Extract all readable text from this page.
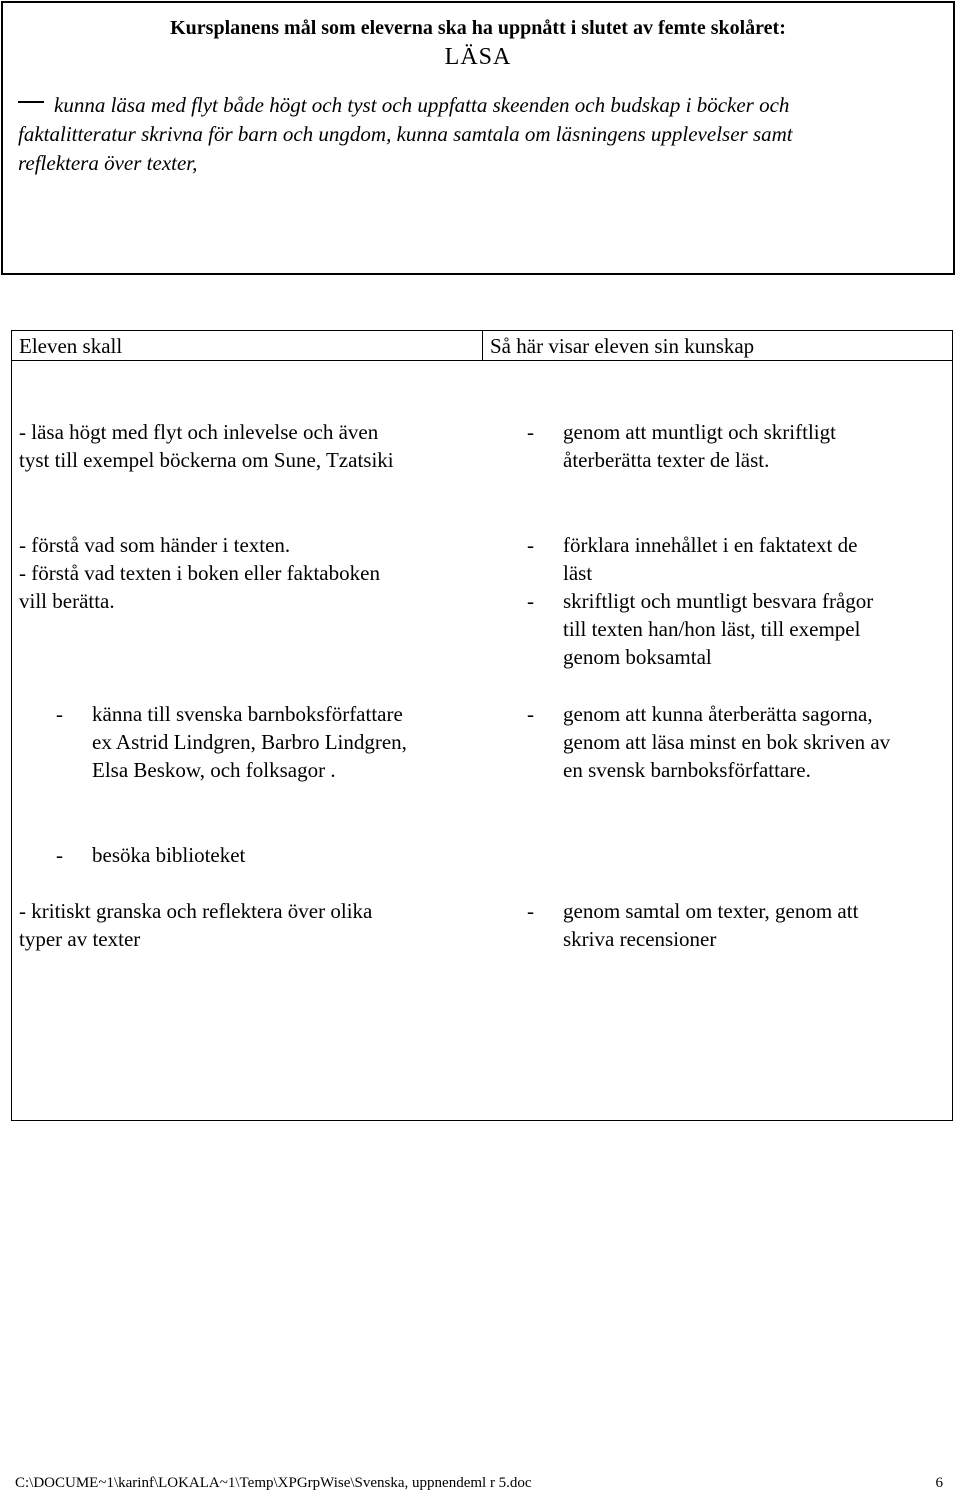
Kursplanens mål som eleverna ska ha uppnått i slutet av femte skolåret:
LÄSA
kunna läsa med flyt både högt och tyst och uppfatta skeenden och budskap i böcker och
faktalitteratur skrivna för barn och ungdom, kunna samtala om läsningens upplevelser samt
reflektera över texter,
Eleven skall	Så här visar eleven sin kunskap
- läsa högt med flyt och inlevelse och även
tyst till exempel böckerna om Sune, Tzatsiki
- förstå vad som händer i texten.
- förstå vad texten i boken eller faktaboken
vill berätta.
- känna till svenska barnboksförfattare
ex Astrid Lindgren, Barbro Lindgren,
Elsa Beskow, och folksagor .
- besöka biblioteket
- kritiskt granska och reflektera över olika
typer av texter
- genom att muntligt och skriftligt
återberätta texter de läst.
- förklara innehållet i en faktatext de
läst
- skriftligt och muntligt besvara frågor
till texten han/hon läst, till exempel
genom boksamtal
- genom att kunna återberätta sagorna,
genom att läsa minst en bok skriven av
en svensk barnboksförfattare.
- genom samtal om texter, genom att
skriva recensioner
C:\DOCUME~1\karinf\LOKALA~1\Temp\XPGrpWise\Svenska, uppnendeml r 5.doc	6
